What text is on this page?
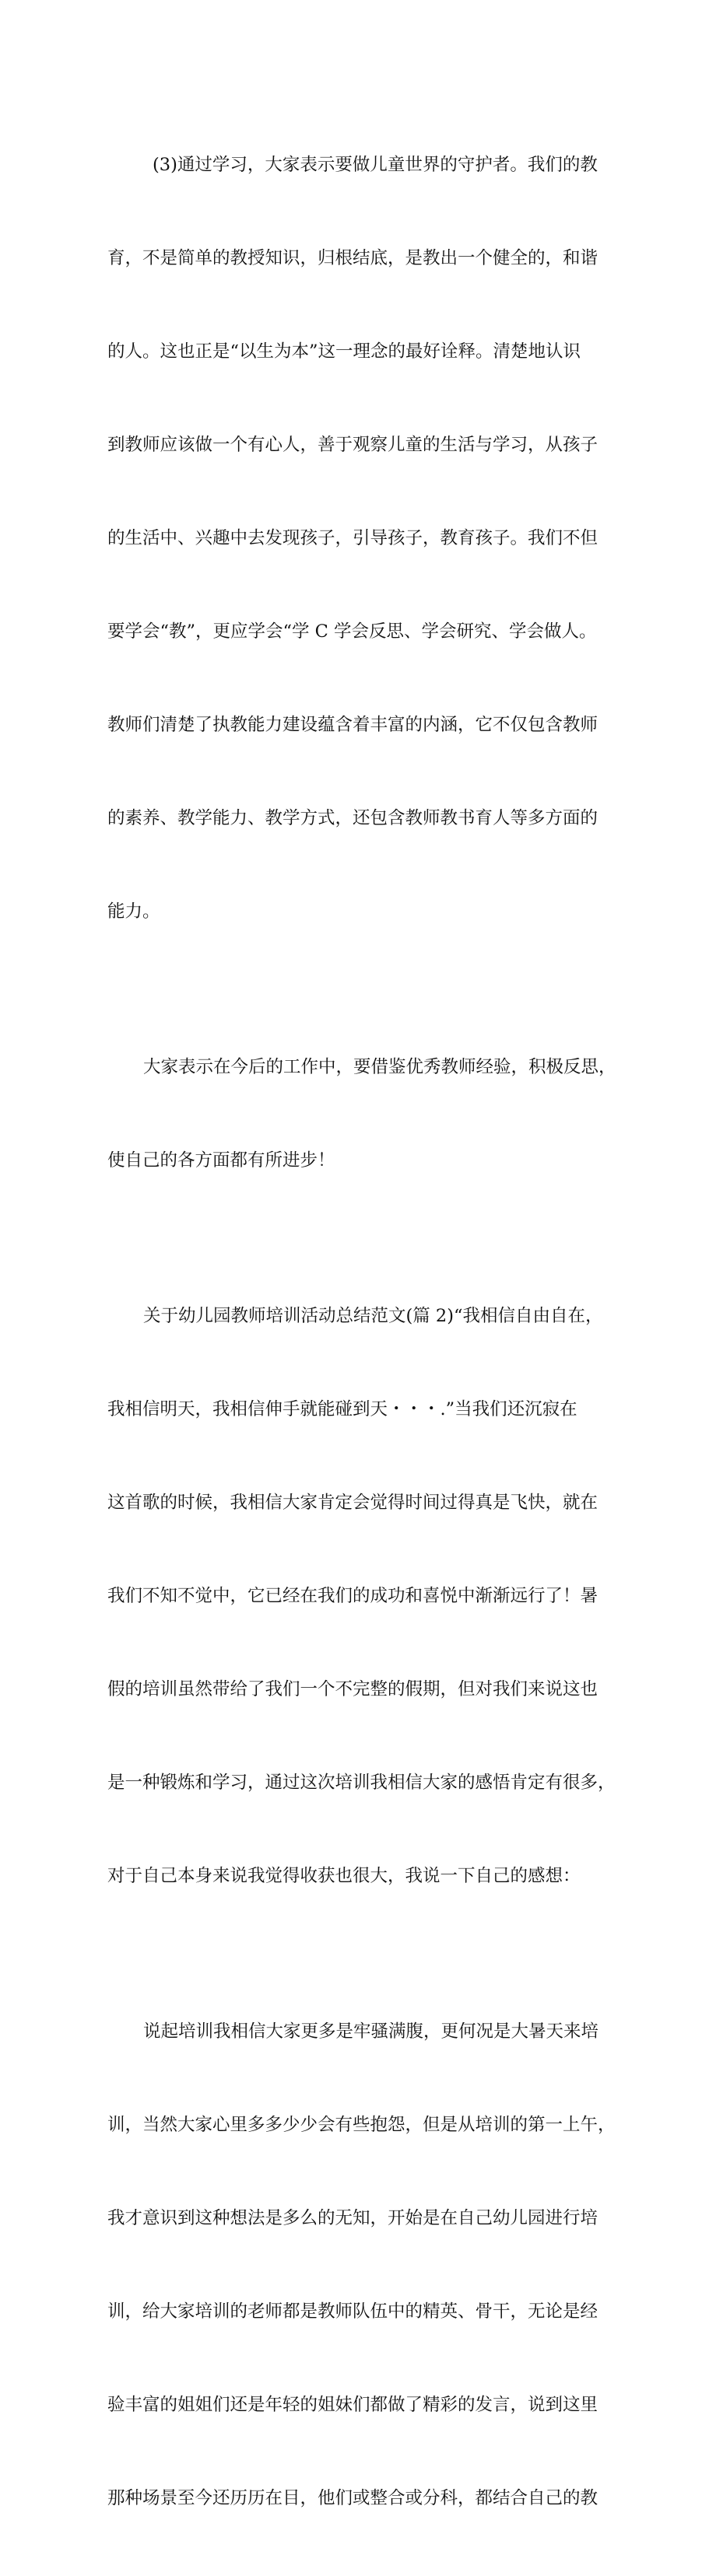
(3)通过学习，大家表示要做儿童世界的守护者。我们的教

育，不是简单的教授知识，归根结底，是教出一个健全的，和谐

的人。这也正是“以生为本”这一理念的最好诠释。清楚地认识

到教师应该做一个有心人，善于观察儿童的生活与学习，从孩子

的生活中、兴趣中去发现孩子，引导孩子，教育孩子。我们不但

要学会“教”，更应学会“学 C 学会反思、学会研究、学会做人。

教师们清楚了执教能力建设蕴含着丰富的内涵，它不仅包含教师

的素养、教学能力、教学方式，还包含教师教书育人等多方面的

能力。

大家表示在今后的工作中，要借鉴优秀教师经验，积极反思，

使自己的各方面都有所进步！

关于幼儿园教师培训活动总结范文(篇 2)“我相信自由自在，

我相信明天，我相信伸手就能碰到天・・・.”当我们还沉寂在

这首歌的时候，我相信大家肯定会觉得时间过得真是飞快，就在

我们不知不觉中，它已经在我们的成功和喜悦中渐渐远行了！暑

假的培训虽然带给了我们一个不完整的假期，但对我们来说这也

是一种锻炼和学习，通过这次培训我相信大家的感悟肯定有很多，

对于自己本身来说我觉得收获也很大，我说一下自己的感想：

说起培训我相信大家更多是牢骚满腹，更何况是大暑天来培

训，当然大家心里多多少少会有些抱怨，但是从培训的第一上午，

我才意识到这种想法是多么的无知，开始是在自己幼儿园进行培

训，给大家培训的老师都是教师队伍中的精英、骨干，无论是经

验丰富的姐姐们还是年轻的姐妹们都做了精彩的发言，说到这里

那种场景至今还历历在目，他们或整合或分科，都结合自己的教
